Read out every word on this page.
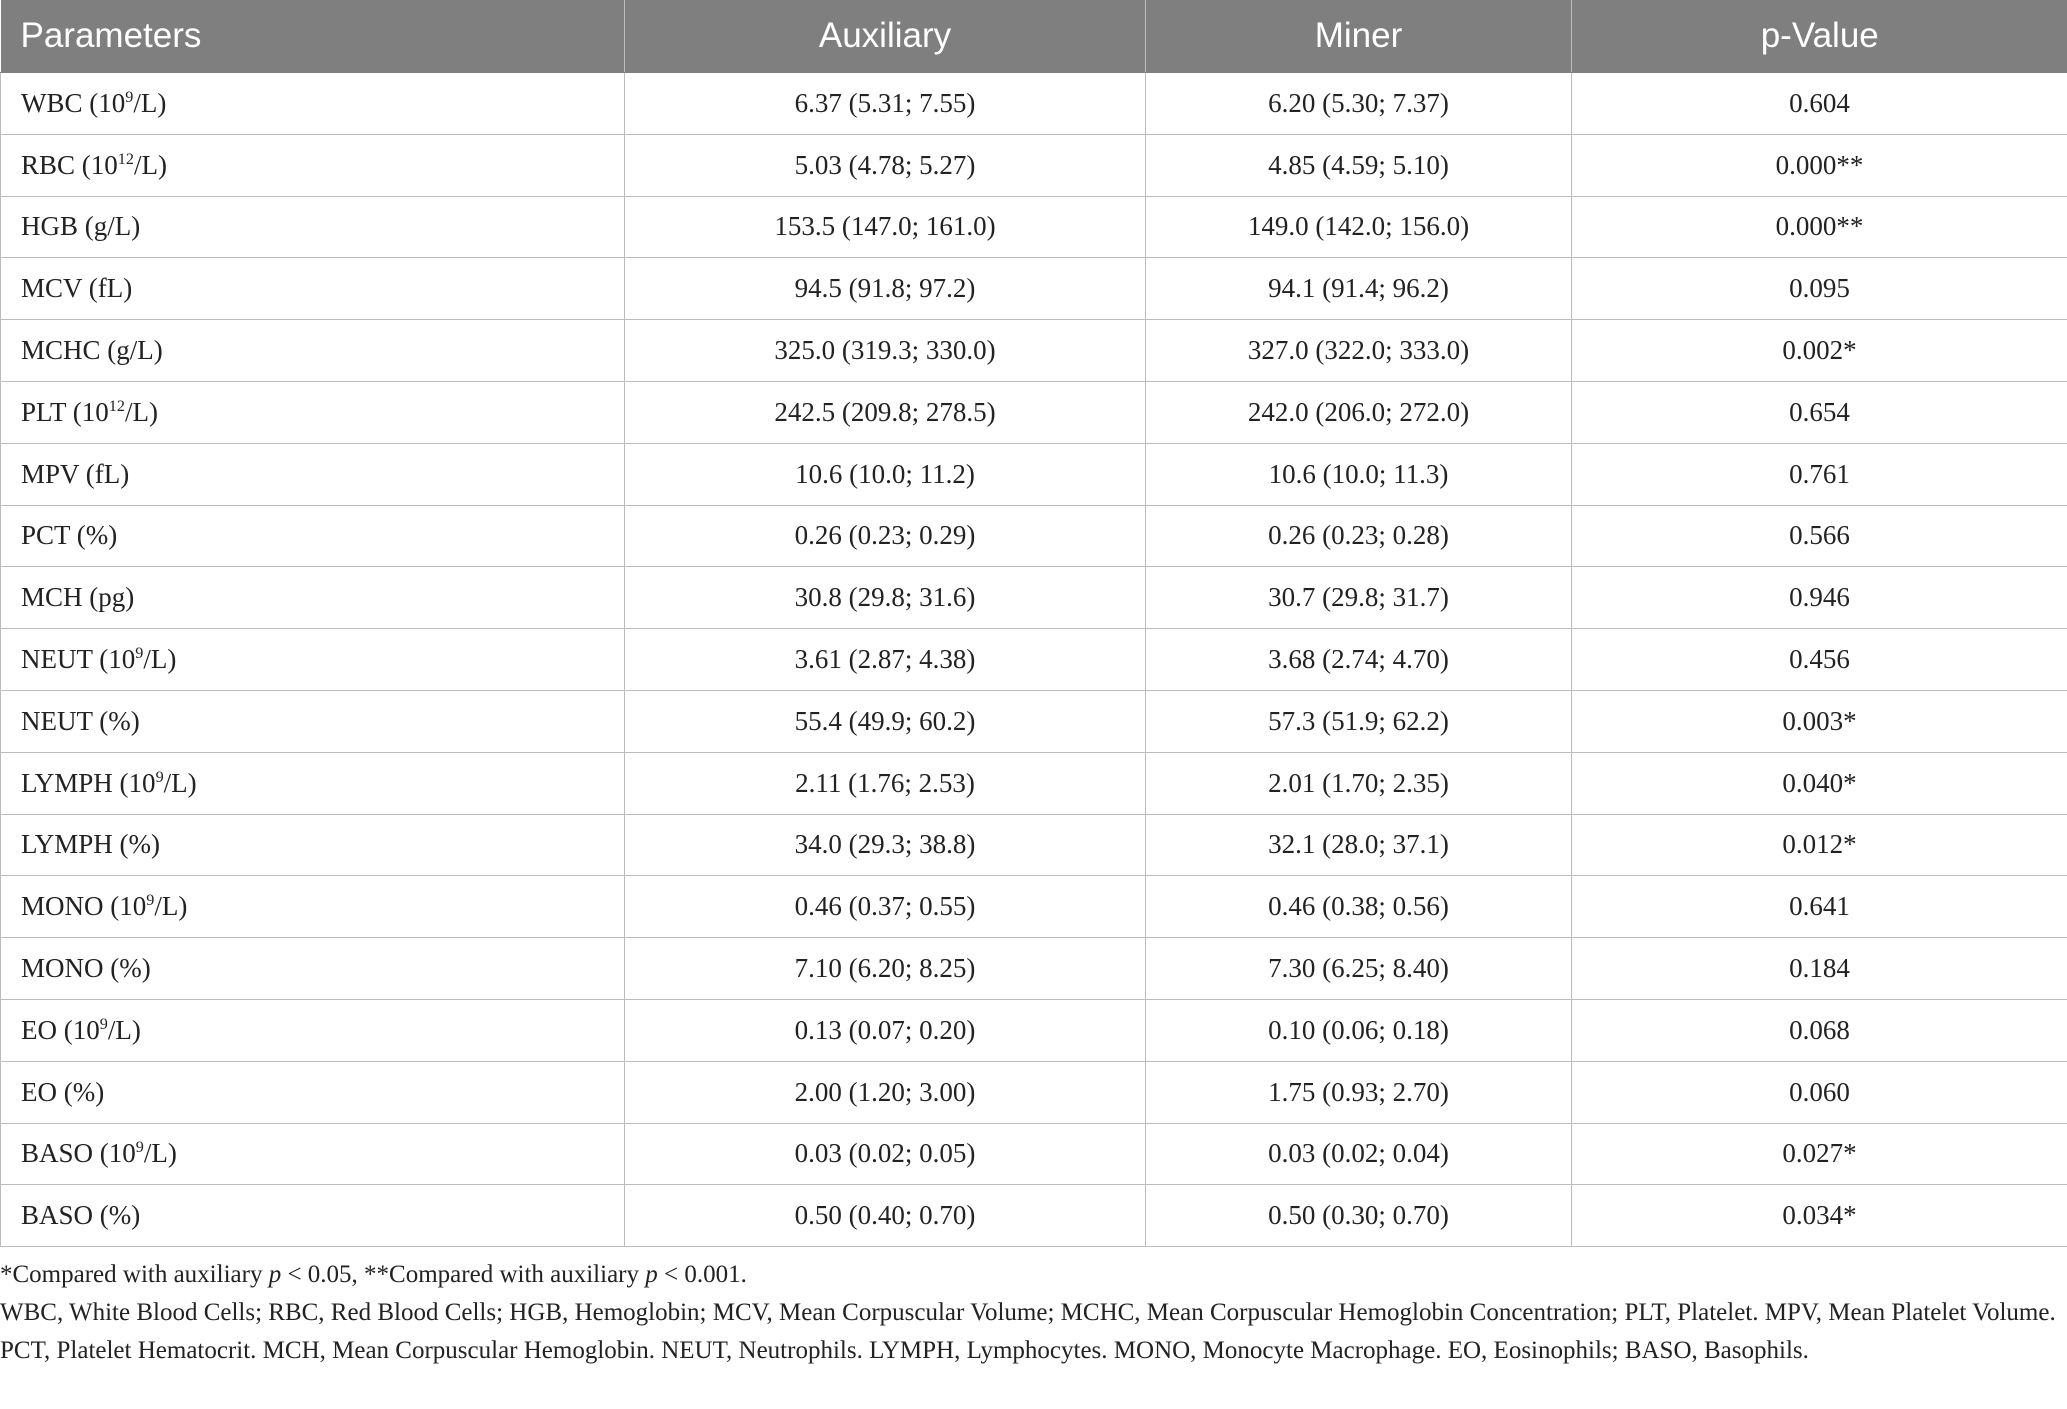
Parameters	Auxiliary	Miner	p-Value
WBC $(10^9/L)$	6.37 (5.31; 7.55)	6.20 (5.30; 7.37)	0.604
RBC $(10^{12}/L)$	5.03 (4.78; 5.27)	4.85 (4.59; 5.10)	0.000**
HGB (g/L)	153.5 (147.0; 161.0)	149.0 (142.0; 156.0)	0.000**
MCV (fL)	94.5 (91.8; 97.2)	94.1 (91.4; 96.2)	0.095
MCHC (g/L)	325.0 (319.3; 330.0)	327.0 (322.0; 333.0)	0.002*
PLT $(10^{12}/L)$	242.5 (209.8; 278.5)	242.0 (206.0; 272.0)	0.654
MPV (fL)	10.6 (10.0; 11.2)	10.6 (10.0; 11.3)	0.761
PCT (%)	0.26 (0.23; 0.29)	0.26 (0.23; 0.28)	0.566
MCH (pg)	30.8 (29.8; 31.6)	30.7 (29.8; 31.7)	0.946
NEUT $(10^9/L)$	3.61 (2.87; 4.38)	3.68 (2.74; 4.70)	0.456
NEUT (%)	55.4 (49.9; 60.2)	57.3 (51.9; 62.2)	0.003*
LYMPH $(10^9/L)$	2.11 (1.76; 2.53)	2.01 (1.70; 2.35)	0.040*
LYMPH (%)	34.0 (29.3; 38.8)	32.1 (28.0; 37.1)	0.012*
MONO $(10^9/L)$	0.46 (0.37; 0.55)	0.46 (0.38; 0.56)	0.641
MONO (%)	7.10 (6.20; 8.25)	7.30 (6.25; 8.40)	0.184
EO $(10^9/L)$	0.13 (0.07; 0.20)	0.10 (0.06; 0.18)	0.068
EO (%)	2.00 (1.20; 3.00)	1.75 (0.93; 2.70)	0.060
BASO $(10^9/L)$	0.03 (0.02; 0.05)	0.03 (0.02; 0.04)	0.027*
BASO (%)	0.50 (0.40; 0.70)	0.50 (0.30; 0.70)	0.034*

*Compared with auxiliary p < 0.05, **Compared with auxiliary p < 0.001.

WBC, White Blood Cells; RBC, Red Blood Cells; HGB, Hemoglobin; MCV, Mean Corpuscular Volume; MCHC, Mean Corpuscular Hemoglobin Concentration; PLT, Platelet. MPV, Mean Platelet Volume. PCT, Platelet Hematocrit. MCH, Mean Corpuscular Hemoglobin. NEUT, Neutrophils. LYMPH, Lymphocytes. MONO, Monocyte Macrophage. EO, Eosinophils; BASO, Basophils.
